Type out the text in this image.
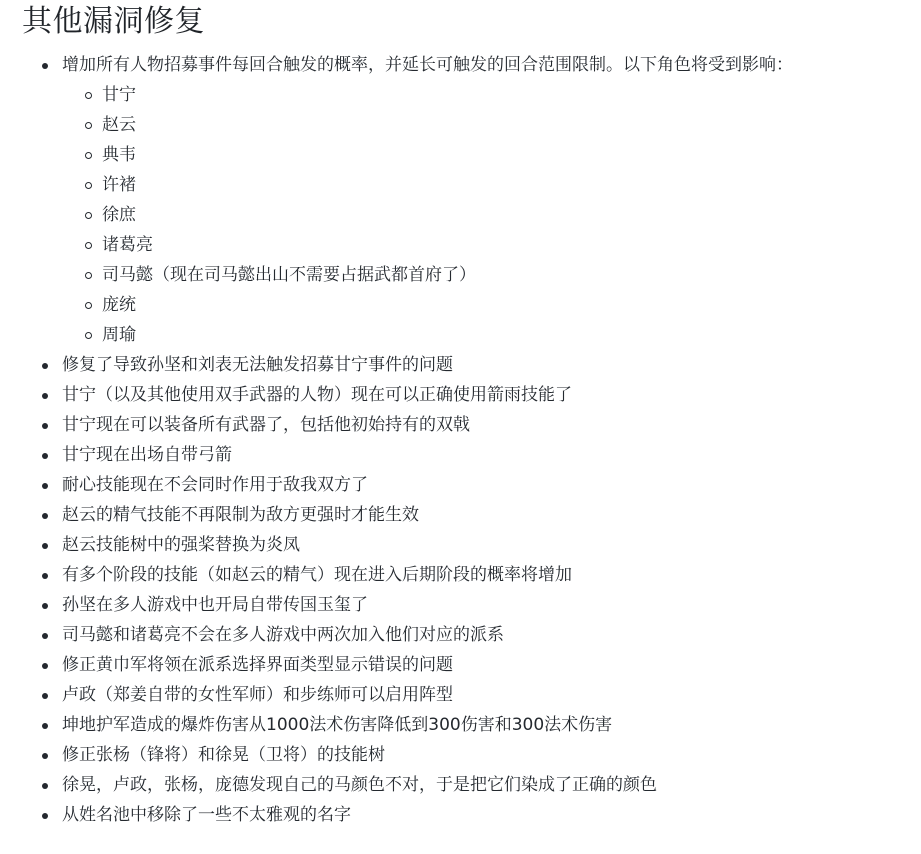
其他漏洞修复
增加所有人物招募事件每回合触发的概率，并延长可触发的回合范围限制。以下角色将受到影响：
甘宁
赵云
典韦
许褚
徐庶
诸葛亮
司马懿（现在司马懿出山不需要占据武都首府了）
庞统
周瑜
修复了导致孙坚和刘表无法触发招募甘宁事件的问题
甘宁（以及其他使用双手武器的人物）现在可以正确使用箭雨技能了
甘宁现在可以装备所有武器了，包括他初始持有的双戟
甘宁现在出场自带弓箭
耐心技能现在不会同时作用于敌我双方了
赵云的精气技能不再限制为敌方更强时才能生效
赵云技能树中的强桨替换为炎凤
有多个阶段的技能（如赵云的精气）现在进入后期阶段的概率将增加
孙坚在多人游戏中也开局自带传国玉玺了
司马懿和诸葛亮不会在多人游戏中两次加入他们对应的派系
修正黄巾军将领在派系选择界面类型显示错误的问题
卢政（郑姜自带的女性军师）和步练师可以启用阵型
坤地护军造成的爆炸伤害从1000法术伤害降低到300伤害和300法术伤害
修正张杨（锋将）和徐晃（卫将）的技能树
徐晃，卢政，张杨，庞德发现自己的马颜色不对，于是把它们染成了正确的颜色
从姓名池中移除了一些不太雅观的名字
